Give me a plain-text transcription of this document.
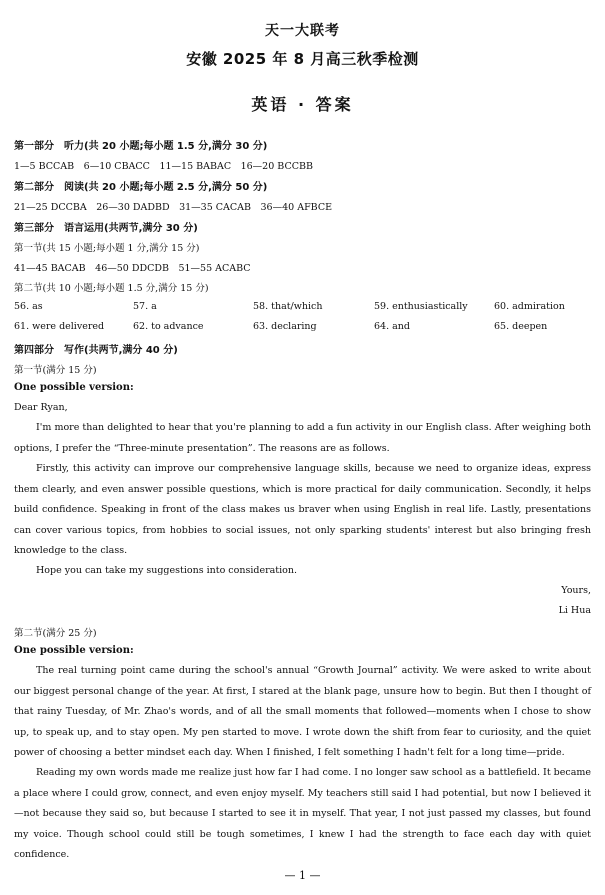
天一大联考
安徽 2025 年 8 月高三秋季检测
英语 · 答案
第一部分　听力(共 20 小题;每小题 1.5 分,满分 30 分)
1—5 BCCAB　6—10 CBACC　11—15 BABAC　16—20 BCCBB
第二部分　阅读(共 20 小题;每小题 2.5 分,满分 50 分)
21—25 DCCBA　26—30 DADBD　31—35 CACAB　36—40 AFBCE
第三部分　语言运用(共两节,满分 30 分)
第一节(共 15 小题;每小题 1 分,满分 15 分)
41—45 BACAB　46—50 DDCDB　51—55 ACABC
第二节(共 10 小题;每小题 1.5 分,满分 15 分)
56. as	57. a	58. that/which	59. enthusiastically	60. admiration
61. were delivered	62. to advance	63. declaring	64. and	65. deepen
第四部分　写作(共两节,满分 40 分)
第一节(满分 15 分)
One possible version:
Dear Ryan,
I'm more than delighted to hear that you're planning to add a fun activity in our English class. After weighing both options, I prefer the “Three-minute presentation”. The reasons are as follows.
Firstly, this activity can improve our comprehensive language skills, because we need to organize ideas, express them clearly, and even answer possible questions, which is more practical for daily communication. Secondly, it helps build confidence. Speaking in front of the class makes us braver when using English in real life. Lastly, presentations can cover various topics, from hobbies to social issues, not only sparking students' interest but also bringing fresh knowledge to the class.
Hope you can take my suggestions into consideration.
Yours,
Li Hua
第二节(满分 25 分)
One possible version:
The real turning point came during the school's annual “Growth Journal” activity. We were asked to write about our biggest personal change of the year. At first, I stared at the blank page, unsure how to begin. But then I thought of that rainy Tuesday, of Mr. Zhao's words, and of all the small moments that followed—moments when I chose to show up, to speak up, and to stay open. My pen started to move. I wrote down the shift from fear to curiosity, and the quiet power of choosing a better mindset each day. When I finished, I felt something I hadn't felt for a long time—pride.
Reading my own words made me realize just how far I had come. I no longer saw school as a battlefield. It became a place where I could grow, connect, and even enjoy myself. My teachers still said I had potential, but now I believed it—not because they said so, but because I started to see it in myself. That year, I not just passed my classes, but found my voice. Though school could still be tough sometimes, I knew I had the strength to face each day with quiet confidence.
— 1 —
